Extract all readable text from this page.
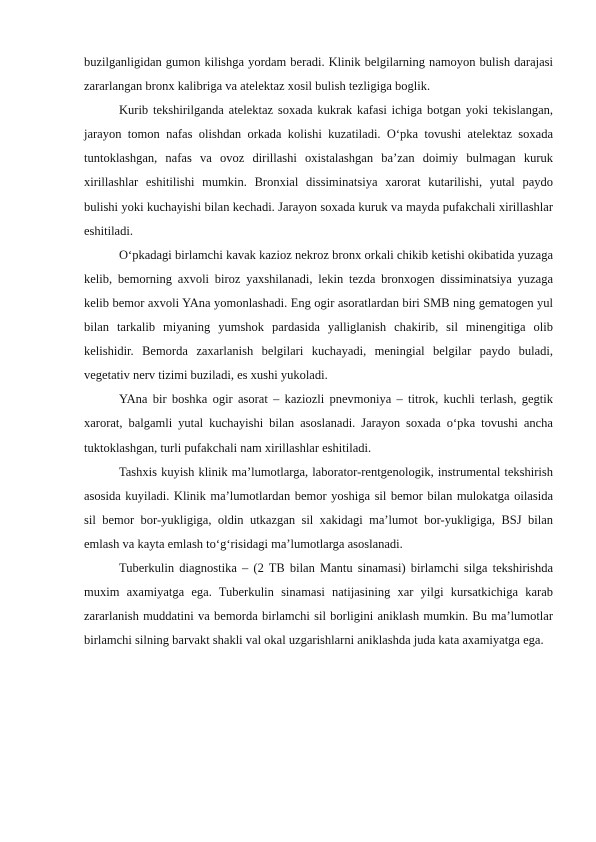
buzilganligidan gumon kilishga yordam beradi. Klinik belgilarning namoyon bulish darajasi zararlangan bronx kalibriga va atelektaz xosil bulish tezligiga boglik.

Kurib tekshirilganda atelektaz soxada kukrak kafasi ichiga botgan yoki tekislangan, jarayon tomon nafas olishdan orkada kolishi kuzatiladi. O‘pka tovushi atelektaz soxada tuntoklashgan, nafas va ovoz dirillashi oxistalashgan ba’zan doimiy bulmagan kuruk xirillashlar eshitilishi mumkin. Bronxial dissiminatsiya xarorat kutarilishi, yutal paydo bulishi yoki kuchayishi bilan kechadi. Jarayon soxada kuruk va mayda pufakchali xirillashlar eshitiladi.

O‘pkadagi birlamchi kavak kazioz nekroz bronx orkali chikib ketishi okibatida yuzaga kelib, bemorning axvoli biroz yaxshilanadi, lekin tezda bronxogen dissiminatsiya yuzaga kelib bemor axvoli YAna yomonlashadi. Eng ogir asoratlardan biri SMB ning gematogen yul bilan tarkalib miyaning yumshok pardasida yalliglanish chakirib, sil minengitiga olib kelishidir. Bemorda zaxarlanish belgilari kuchayadi, meningial belgilar paydo buladi, vegetativ nerv tizimi buziladi, es xushi yukoladi.

YAna bir boshka ogir asorat – kaziozli pnevmoniya – titrok, kuchli terlash, gegtik xarorat, balgamli yutal kuchayishi bilan asoslanadi. Jarayon soxada o‘pka tovushi ancha tuktoklashgan, turli pufakchali nam xirillashlar eshitiladi.

Tashxis kuyish klinik ma’lumotlarga, laborator-rentgenologik, instrumental tekshirish asosida kuyiladi. Klinik ma’lumotlardan bemor yoshiga sil bemor bilan mulokatga oilasida sil bemor bor-yukligiga, oldin utkazgan sil xakidagi ma’lumot bor-yukligiga, BSJ bilan emlash va kayta emlash to‘g‘risidagi ma’lumotlarga asoslanadi.

Tuberkulin diagnostika – (2 TB bilan Mantu sinamasi) birlamchi silga tekshirishda muxim axamiyatga ega. Tuberkulin sinamasi natijasining xar yilgi kursatkichiga karab zararlanish muddatini va bemorda birlamchi sil borligini aniklash mumkin. Bu ma’lumotlar birlamchi silning barvakt shakli val okal uzgarishlarni aniklashda juda kata axamiyatga ega.
